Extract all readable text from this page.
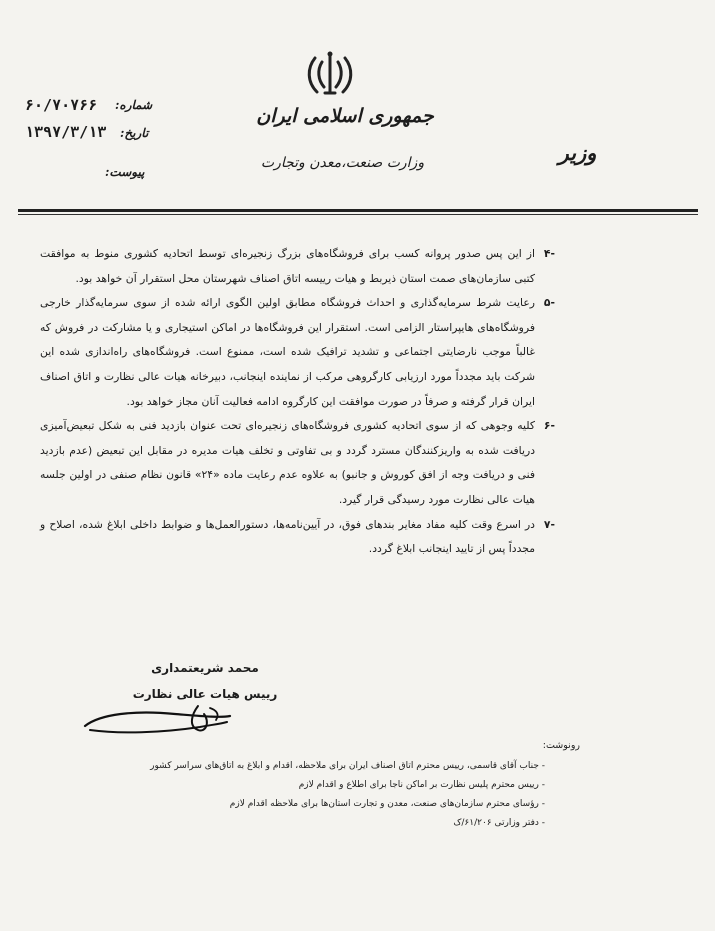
جمهوری اسلامی ایران
وزارت صنعت،معدن وتجارت	وزیر
شماره:
۶۰/۷۰۷۶۶
تاریخ:
۱۳۹۷/۳/۱۳
پیوست:
-۴
از این پس صدور پروانه کسب برای فروشگاه‌های بزرگ زنجیره‌ای توسط اتحادیه کشوری منوط به موافقت کتبی سازمان‌های صمت استان ذیربط و هیات رییسه اتاق اصناف شهرستان محل استقرار آن خواهد بود.
-۵
رعایت شرط سرمایه‌گذاری و احداث فروشگاه مطابق اولین الگوی ارائه شده از سوی سرمایه‌گذار خارجی فروشگاه‌های هایپراستار الزامی است. استقرار این فروشگاه‌ها در اماکن استیجاری و یا مشارکت در فروش که غالباً موجب نارضایتی اجتماعی و تشدید ترافیک شده است، ممنوع است. فروشگاه‌های راه‌اندازی شده این شرکت باید مجدداً مورد ارزیابی کارگروهی مرکب از نماینده اینجانب، دبیرخانه هیات عالی نظارت و اتاق اصناف ایران قرار گرفته و صرفاً در صورت موافقت این کارگروه ادامه فعالیت آنان مجاز خواهد بود.
-۶
کلیه وجوهی که از سوی اتحادیه کشوری فروشگاه‌های زنجیره‌ای تحت عنوان بازدید فنی به شکل تبعیض‌آمیزی دریافت شده به واریزکنندگان مسترد گردد و بی تفاوتی و تخلف هیات مدیره در مقابل این تبعیض (عدم بازدید فنی و دریافت وجه از افق کوروش و جانبو) به علاوه عدم رعایت ماده «۲۴» قانون نظام صنفی در اولین جلسه هیات عالی نظارت مورد رسیدگی قرار گیرد.
-۷
در اسرع وقت کلیه مفاد مغایر بندهای فوق، در آیین‌نامه‌ها، دستورالعمل‌ها و ضوابط داخلی ابلاغ شده، اصلاح و مجدداً پس از تایید اینجانب ابلاغ گردد.
محمد شریعتمداری
رییس هیات عالی نظارت
رونوشت:
- جناب آقای قاسمی، رییس محترم اتاق اصناف ایران برای ملاحظه، اقدام و ابلاغ به اتاق‌های سراسر کشور
- رییس محترم پلیس نظارت بر اماکن ناجا برای اطلاع و اقدام لازم
- رؤسای محترم سازمان‌های صنعت، معدن و تجارت استان‌ها برای ملاحظه اقدام لازم
- دفتر وزارتی ۶۱/۲۰۶/ک
